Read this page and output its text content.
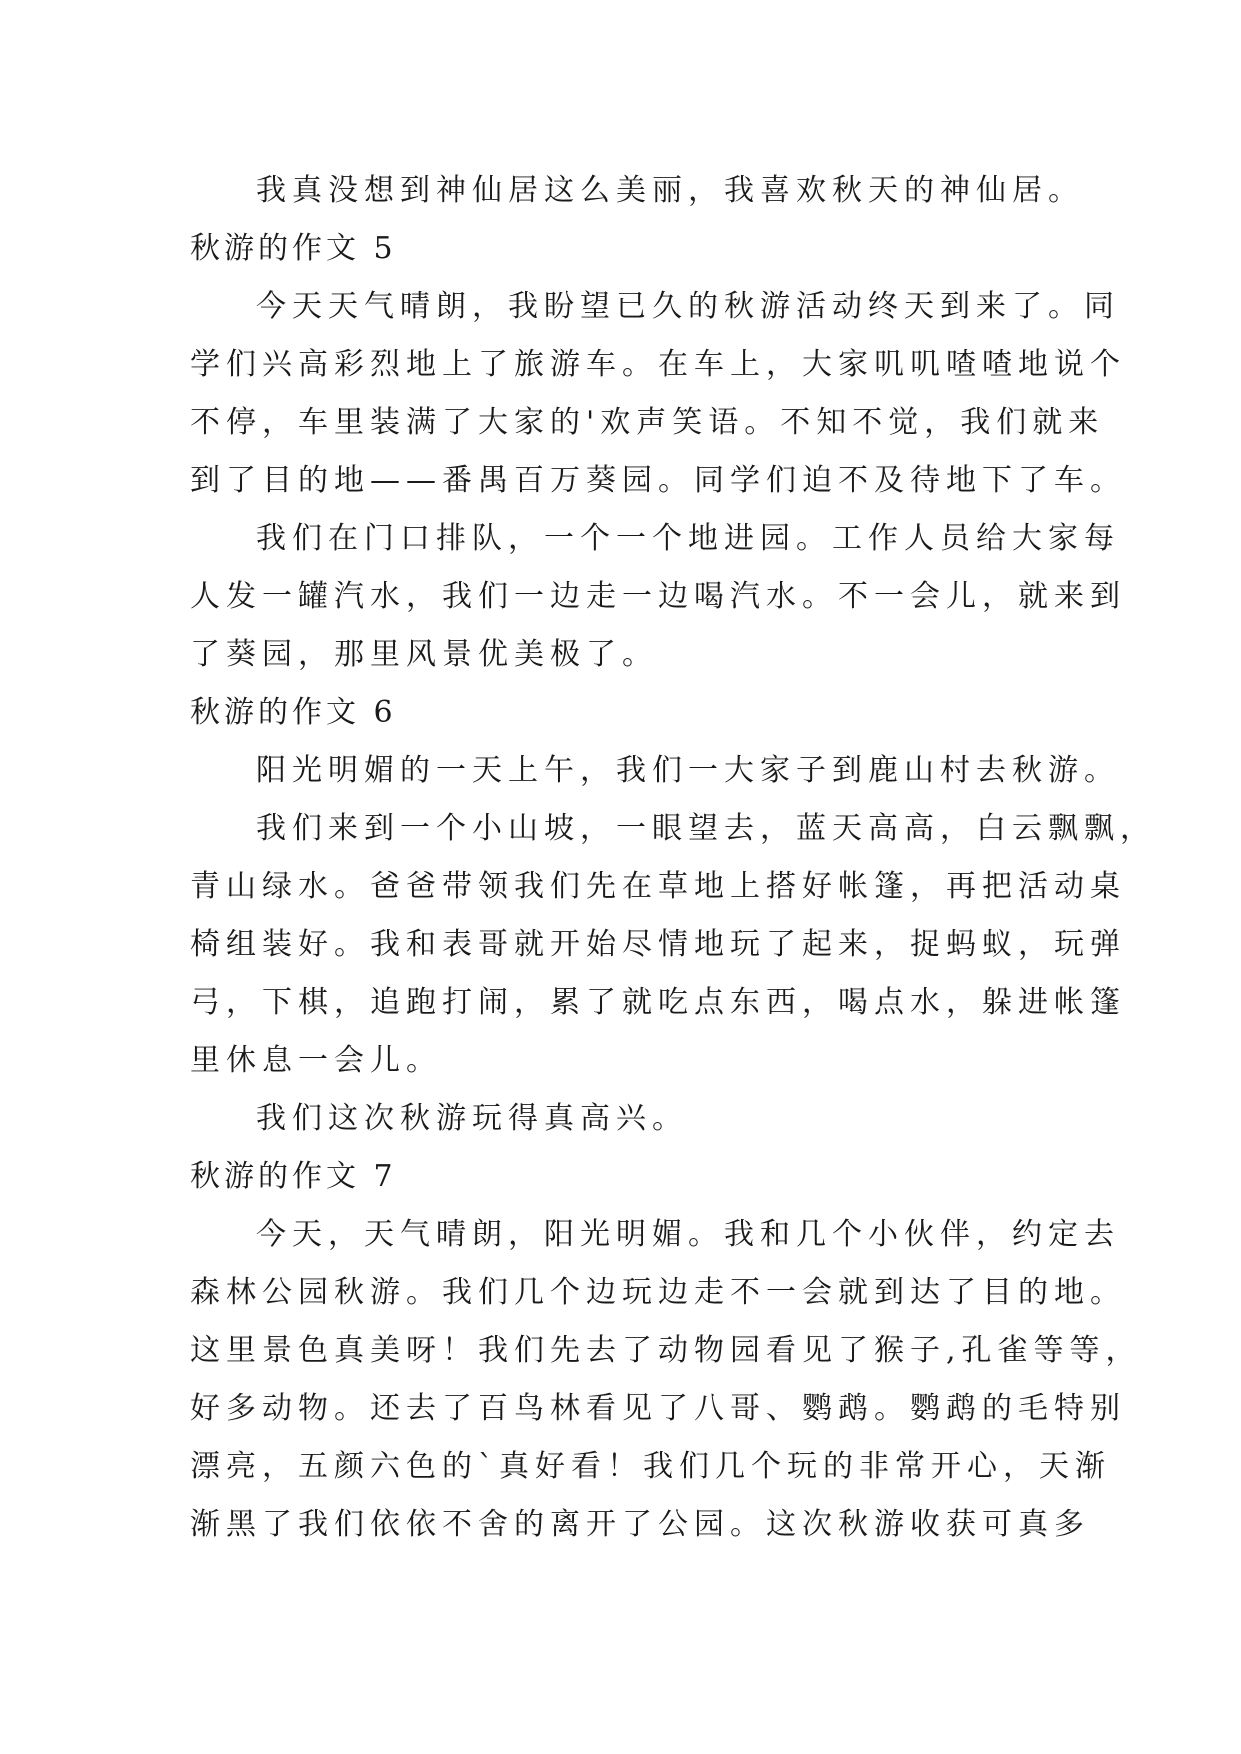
我真没想到神仙居这么美丽，我喜欢秋天的神仙居。
秋游的作文 5
今天天气晴朗，我盼望已久的秋游活动终天到来了。同
学们兴高彩烈地上了旅游车。在车上，大家叽叽喳喳地说个
不停，车里装满了大家的'欢声笑语。不知不觉，我们就来
到了目的地——番禺百万葵园。同学们迫不及待地下了车。
我们在门口排队，一个一个地进园。工作人员给大家每
人发一罐汽水，我们一边走一边喝汽水。不一会儿，就来到
了葵园，那里风景优美极了。
秋游的作文 6
阳光明媚的一天上午，我们一大家子到鹿山村去秋游。
我们来到一个小山坡，一眼望去，蓝天高高，白云飘飘，
青山绿水。爸爸带领我们先在草地上搭好帐篷，再把活动桌
椅组装好。我和表哥就开始尽情地玩了起来，捉蚂蚁，玩弹
弓，下棋，追跑打闹，累了就吃点东西，喝点水，躲进帐篷
里休息一会儿。
我们这次秋游玩得真高兴。
秋游的作文 7
今天，天气晴朗，阳光明媚。我和几个小伙伴，约定去
森林公园秋游。我们几个边玩边走不一会就到达了目的地。
这里景色真美呀！我们先去了动物园看见了猴子,孔雀等等，
好多动物。还去了百鸟林看见了八哥、鹦鹉。鹦鹉的毛特别
漂亮，五颜六色的`真好看！我们几个玩的非常开心，天渐
渐黑了我们依依不舍的离开了公园。这次秋游收获可真多
